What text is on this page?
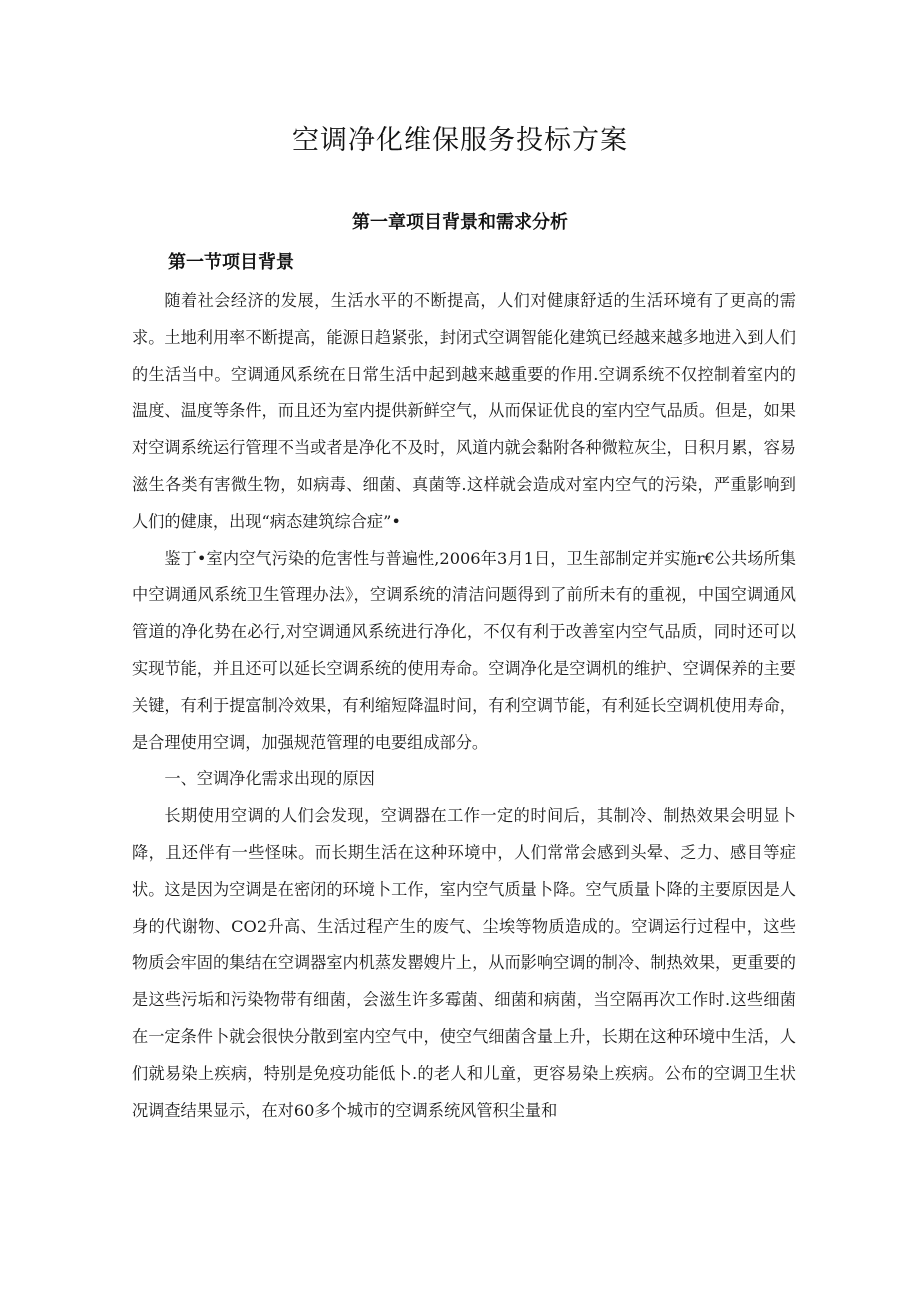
空调净化维保服务投标方案
第一章项目背景和需求分析
第一节项目背景

随着社会经济的发展，生活水平的不断提高，人们对健康舒适的生活环境有了更高的需求。土地利用率不断提高，能源日趋紧张，封闭式空调智能化建筑已经越来越多地进入到人们的生活当中。空调通风系统在日常生活中起到越来越重要的作用.空调系统不仅控制着室内的温度、温度等条件，而且还为室内提供新鲜空气，从而保证优良的室内空气品质。但是，如果对空调系统运行管理不当或者是净化不及时，风道内就会黏附各种微粒灰尘，日积月累，容易滋生各类有害微生物，如病毒、细菌、真菌等.这样就会造成对室内空气的污染，严重影响到人们的健康，出现“病态建筑综合症”•

鉴丁•室内空气污染的危害性与普遍性,2006年3月1日，卫生部制定并实施r€公共场所集中空调通风系统卫生管理办法》，空调系统的清洁问题得到了前所未有的重视，中国空调通风管道的净化势在必行,对空调通风系统进行净化，不仅有利于改善室内空气品质，同时还可以实现节能，并且还可以延长空调系统的使用寿命。空调净化是空调机的维护、空调保养的主要关键，有利于提富制冷效果，有利缩短降温时间，有利空调节能，有利延长空调机使用寿命，是合理使用空调，加强规范管理的电要组成部分。

一、空调净化需求出现的原因

长期使用空调的人们会发现，空调器在工作一定的时间后，其制冷、制热效果会明显卜降，且还伴有一些怪味。而长期生活在这种环境中，人们常常会感到头晕、乏力、感目等症状。这是因为空调是在密闭的环境卜工作，室内空气质量卜降。空气质量卜降的主要原因是人身的代谢物、CO2升高、生活过程产生的废气、尘埃等物质造成的。空调运行过程中，这些物质会牢固的集结在空调器室内机蒸发罌嫂片上，从而影响空调的制冷、制热效果，更重要的是这些污垢和污染物带有细菌，会滋生许多霉菌、细菌和病菌，当空隔再次工作时.这些细菌在一定条件卜就会很快分散到室内空气中，使空气细菌含量上升，长期在这种环境中生活，人们就易染上疾病，特别是免疫功能低卜.的老人和儿童，更容易染上疾病。公布的空调卫生状况调查结果显示，在对60多个城市的空调系统风管积尘量和
